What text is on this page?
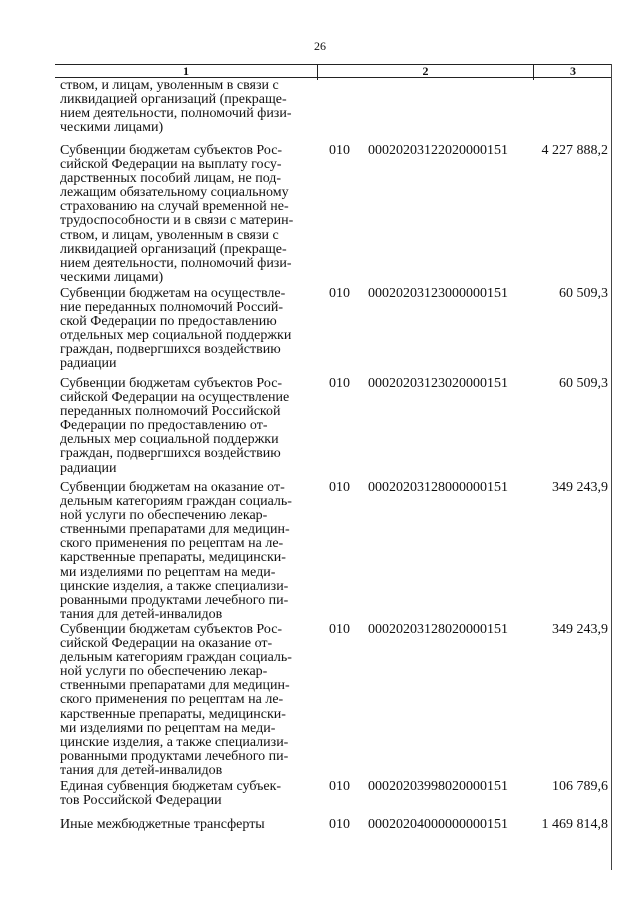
26
1	2	3
ством, и лицам, уволенным в связи с
ликвидацией организаций (прекраще-
нием деятельности, полномочий физи-
ческими лицами)
Субвенции бюджетам субъектов Рос-
сийской Федерации на выплату госу-
дарственных пособий лицам, не под-
лежащим обязательному социальному
страхованию на случай временной не-
трудоспособности и в связи с материн-
ством, и лицам, уволенным в связи с
ликвидацией организаций (прекраще-
нием деятельности, полномочий физи-
ческими лицами)
010 00020203122020000151	4 227 888,2
Субвенции бюджетам на осуществле-
ние переданных полномочий Россий-
ской Федерации по предоставлению
отдельных мер социальной поддержки
граждан, подвергшихся воздействию
радиации
010 00020203123000000151	60 509,3
Субвенции бюджетам субъектов Рос-
сийской Федерации на осуществление
переданных полномочий Российской
Федерации по предоставлению от-
дельных мер социальной поддержки
граждан, подвергшихся воздействию
радиации
010 00020203123020000151	60 509,3
Субвенции бюджетам на оказание от-
дельным категориям граждан социаль-
ной услуги по обеспечению лекар-
ственными препаратами для медицин-
ского применения по рецептам на ле-
карственные препараты, медицински-
ми изделиями по рецептам на меди-
цинские изделия, а также специализи-
рованными продуктами лечебного пи-
тания для детей-инвалидов
010 00020203128000000151	349 243,9
Субвенции бюджетам субъектов Рос-
сийской Федерации на оказание от-
дельным категориям граждан социаль-
ной услуги по обеспечению лекар-
ственными препаратами для медицин-
ского применения по рецептам на ле-
карственные препараты, медицински-
ми изделиями по рецептам на меди-
цинские изделия, а также специализи-
рованными продуктами лечебного пи-
тания для детей-инвалидов
010 00020203128020000151	349 243,9
Единая субвенция бюджетам субъек-
тов Российской Федерации
010 00020203998020000151	106 789,6
Иные межбюджетные трансферты	010 00020204000000000151	1 469 814,8
